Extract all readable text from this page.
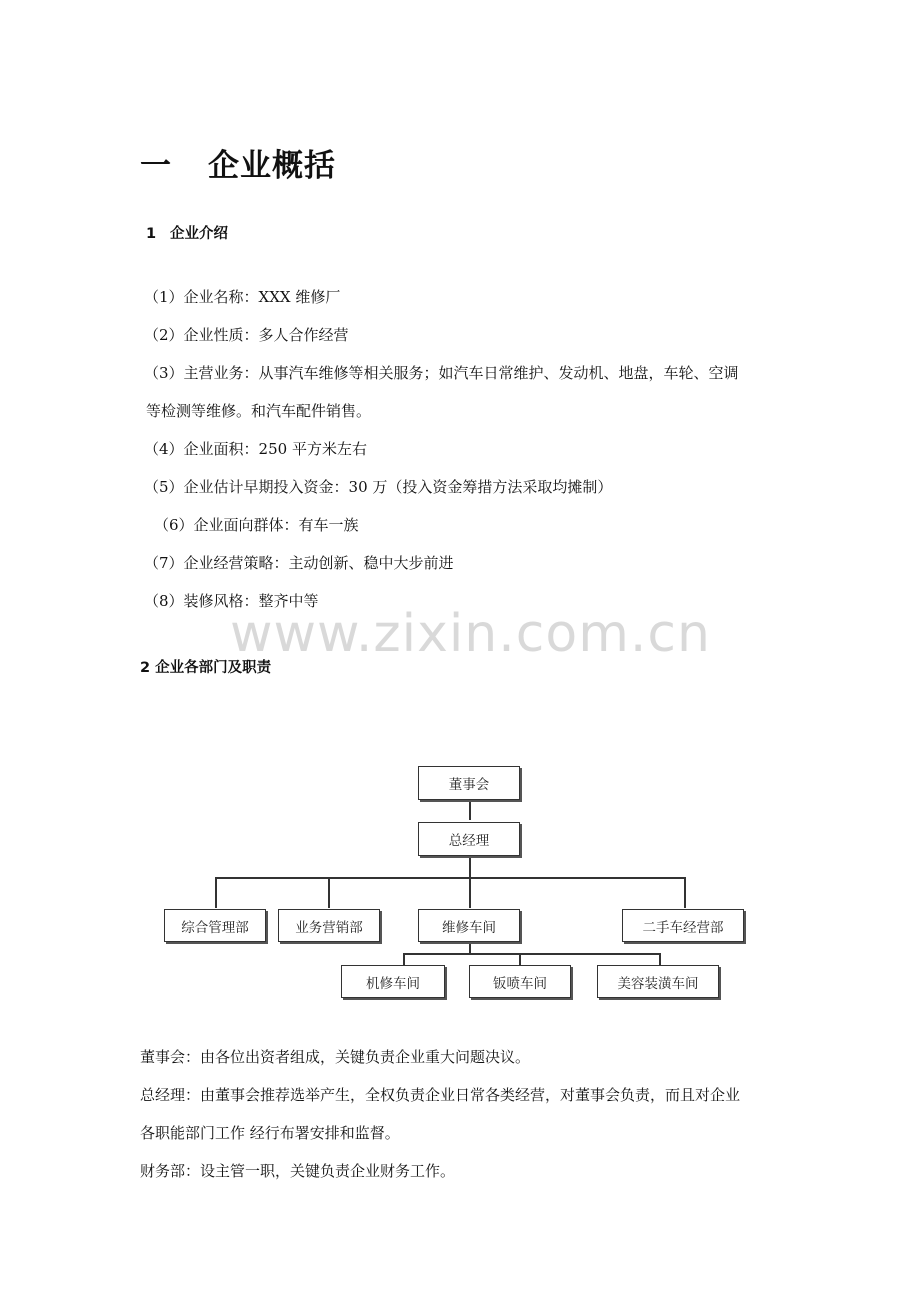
一 企业概括
1 企业介绍
（1）企业名称：XXX 维修厂
（2）企业性质：多人合作经营
（3）主营业务：从事汽车维修等相关服务；如汽车日常维护、发动机、地盘，车轮、空调
等检测等维修。和汽车配件销售。
（4）企业面积：250 平方米左右
（5）企业估计早期投入资金：30 万（投入资金筹措方法采取均摊制）
（6）企业面向群体：有车一族
（7）企业经营策略：主动创新、稳中大步前进
（8）装修风格：整齐中等
www.zixin.com.cn
2 企业各部门及职责
董事会
总经理
综合管理部	业务营销部	维修车间	二手车经营部
机修车间	钣喷车间	美容装潢车间
董事会：由各位出资者组成，关键负责企业重大问题决议。
总经理：由董事会推荐选举产生，全权负责企业日常各类经营，对董事会负责，而且对企业
各职能部门工作 经行布署安排和监督。
财务部：设主管一职，关键负责企业财务工作。
